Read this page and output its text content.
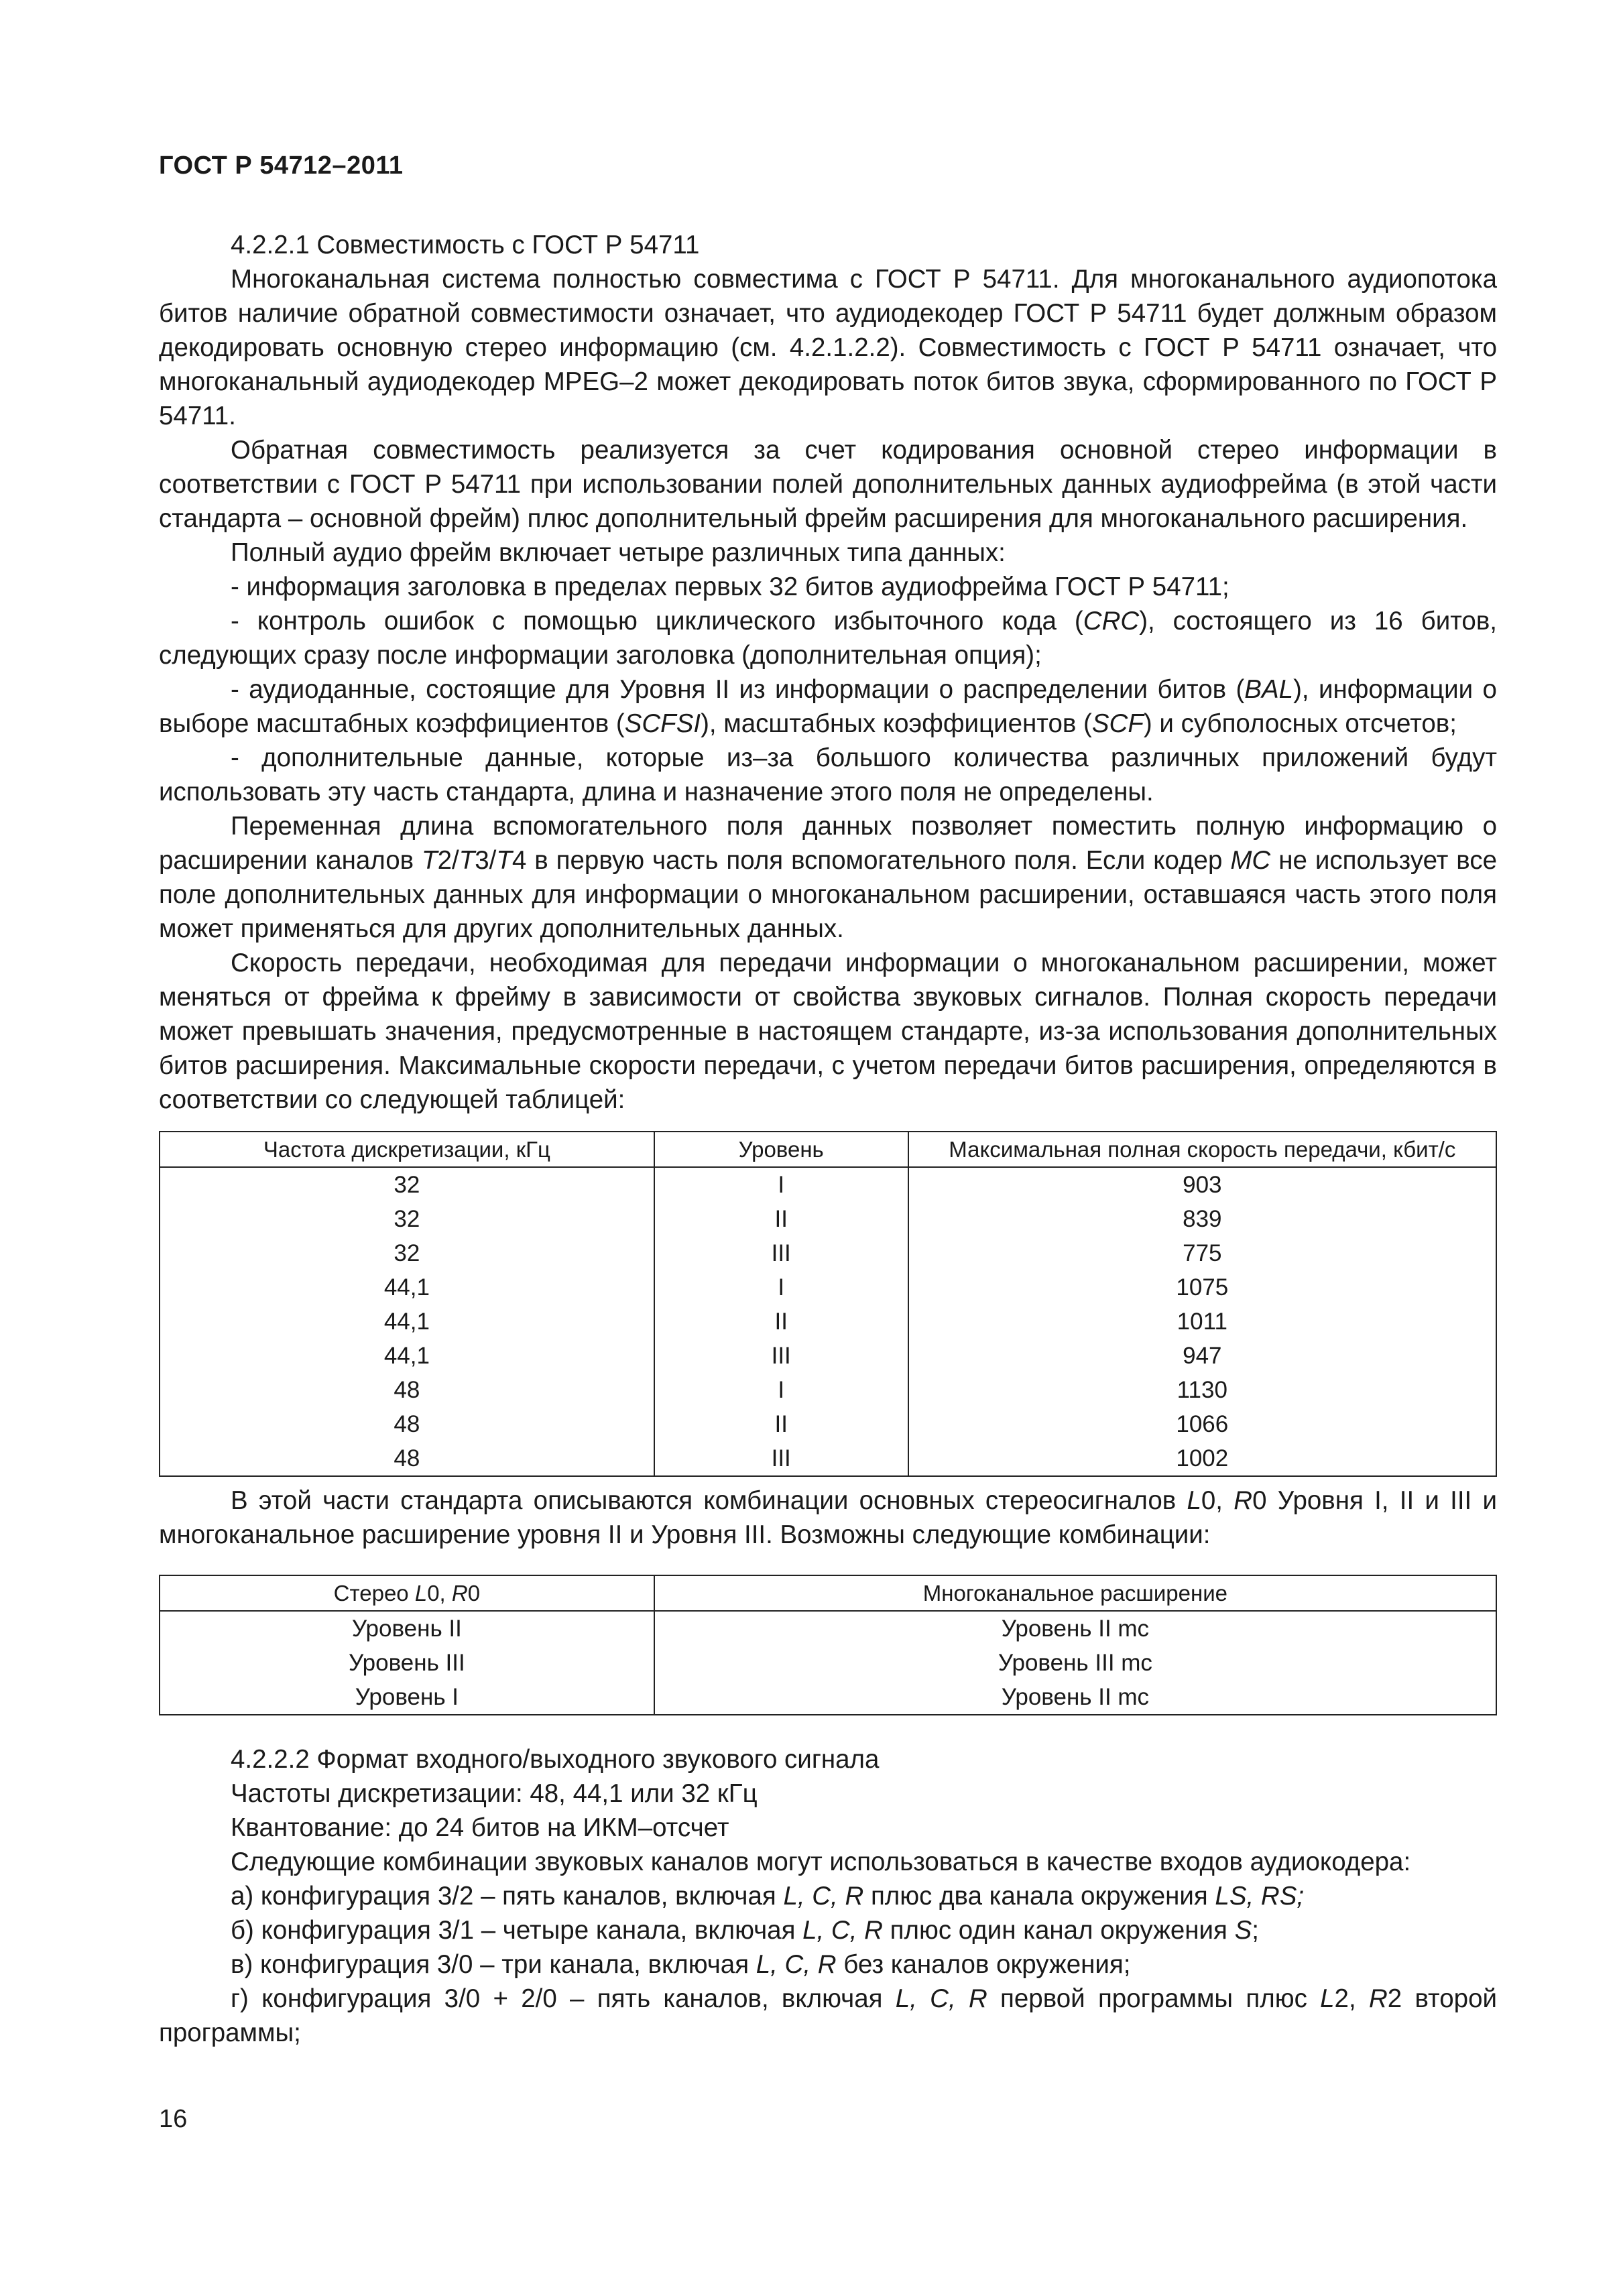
ГОСТ Р 54712–2011

4.2.2.1 Совместимость с ГОСТ Р 54711

Многоканальная система полностью совместима с ГОСТ Р 54711. Для многоканального аудиопотока битов наличие обратной совместимости означает, что аудиодекодер ГОСТ Р 54711 будет должным образом декодировать основную стерео информацию (см. 4.2.1.2.2). Совместимость с ГОСТ Р 54711 означает, что многоканальный аудиодекодер MPEG–2 может декодировать поток битов звука, сформированного по ГОСТ Р 54711.

Обратная совместимость реализуется за счет кодирования основной стерео информации в соответствии с ГОСТ Р 54711 при использовании полей дополнительных данных аудиофрейма (в этой части стандарта – основной фрейм) плюс дополнительный фрейм расширения для многоканального расширения.

Полный аудио фрейм включает четыре различных типа данных:

- информация заголовка в пределах первых 32 битов аудиофрейма ГОСТ Р 54711;

- контроль ошибок с помощью циклического избыточного кода (CRC), состоящего из 16 битов, следующих сразу после информации заголовка (дополнительная опция);

- аудиоданные, состоящие для Уровня II из информации о распределении битов (BAL), информации о выборе масштабных коэффициентов (SCFSI), масштабных коэффициентов (SCF) и субполосных отсчетов;

- дополнительные данные, которые из–за большого количества различных приложений будут использовать эту часть стандарта, длина и назначение этого поля не определены.

Переменная длина вспомогательного поля данных позволяет поместить полную информацию о расширении каналов T2/T3/T4 в первую часть поля вспомогательного поля. Если кодер MC не использует все поле дополнительных данных для информации о многоканальном расширении, оставшаяся часть этого поля может применяться для других дополнительных данных.

Скорость передачи, необходимая для передачи информации о многоканальном расширении, может меняться от фрейма к фрейму в зависимости от свойства звуковых сигналов. Полная скорость передачи может превышать значения, предусмотренные в настоящем стандарте, из-за использования дополнительных битов расширения. Максимальные скорости передачи, с учетом передачи битов расширения, определяются в соответствии со следующей таблицей:

Частота дискретизации, кГц	Уровень	Максимальная полная скорость передачи, кбит/с
32	I	903
32	II	839
32	III	775
44,1	I	1075
44,1	II	1011
44,1	III	947
48	I	1130
48	II	1066
48	III	1002

В этой части стандарта описываются комбинации основных стереосигналов L0, R0 Уровня I, II и III и многоканальное расширение уровня II и Уровня III. Возможны следующие комбинации:

Стерео L0, R0	Многоканальное расширение
Уровень II	Уровень II mc
Уровень III	Уровень III mc
Уровень I	Уровень II mc

4.2.2.2 Формат входного/выходного звукового сигнала

Частоты дискретизации: 48, 44,1 или 32 кГц

Квантование: до 24 битов на ИКМ–отсчет

Следующие комбинации звуковых каналов могут использоваться в качестве входов аудиокодера:

а) конфигурация 3/2 – пять каналов, включая L, C, R плюс два канала окружения LS, RS;

б) конфигурация 3/1 – четыре канала, включая L, C, R плюс один канал окружения S;

в) конфигурация 3/0 – три канала, включая L, C, R без каналов окружения;

г) конфигурация 3/0 + 2/0 – пять каналов, включая L, C, R первой программы плюс L2, R2 второй программы;

16
